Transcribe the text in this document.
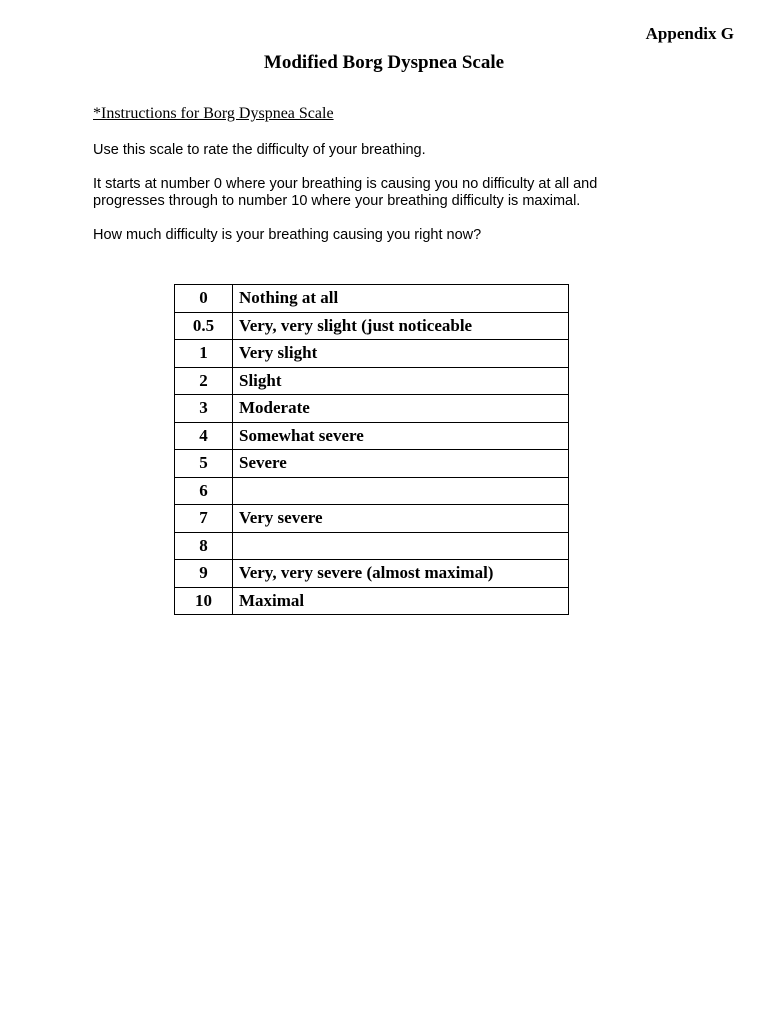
Appendix G
Modified Borg Dyspnea Scale
*Instructions for Borg Dyspnea Scale

Use this scale to rate the difficulty of your breathing.

It starts at number 0 where your breathing is causing you no difficulty at all and
progresses through to number 10 where your breathing difficulty is maximal.

How much difficulty is your breathing causing you right now?

0	Nothing at all
0.5	Very, very slight (just noticeable
1	Very slight
2	Slight
3	Moderate
4	Somewhat severe
5	Severe
6	
7	Very severe
8	
9	Very, very severe (almost maximal)
10	Maximal
